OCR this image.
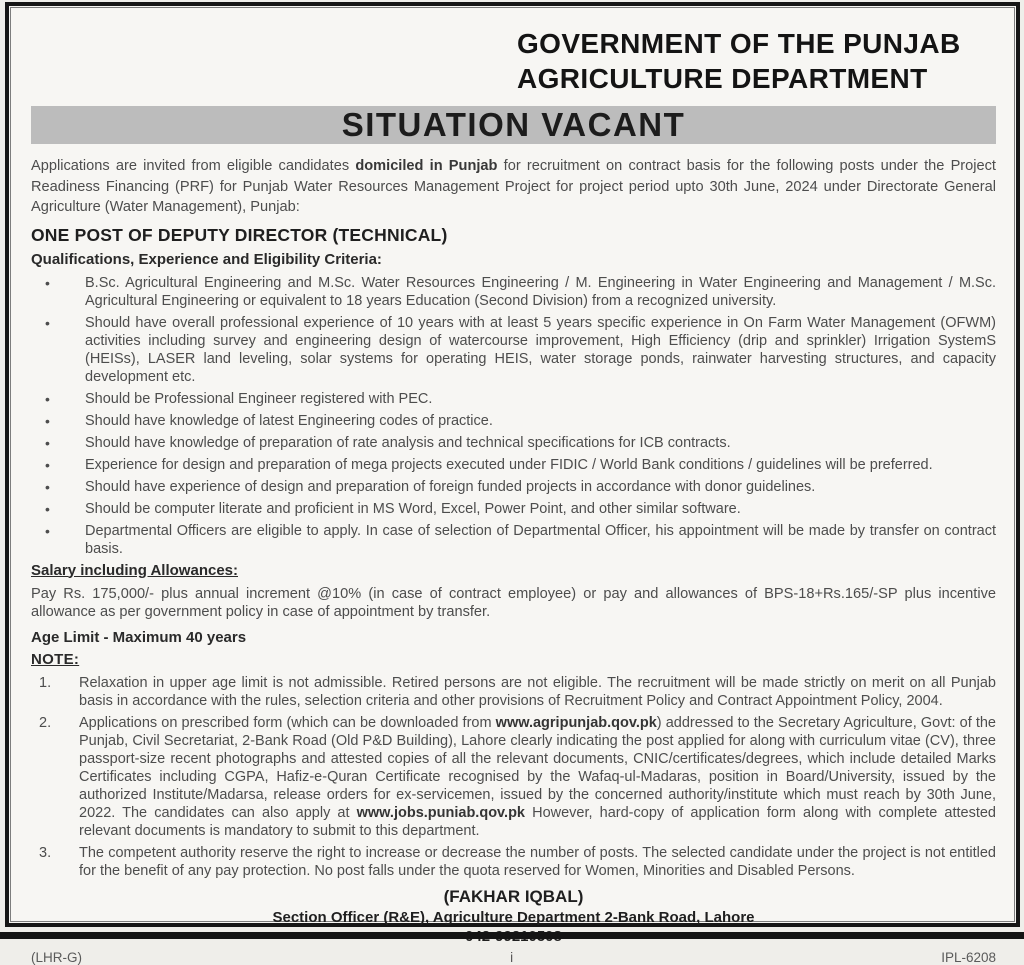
GOVERNMENT OF THE PUNJAB
AGRICULTURE DEPARTMENT
SITUATION VACANT

Applications are invited from eligible candidates domiciled in Punjab for recruitment on contract basis for the following posts under the Project Readiness Financing (PRF) for Punjab Water Resources Management Project for project period upto 30th June, 2024 under Directorate General Agriculture (Water Management), Punjab:

ONE POST OF DEPUTY DIRECTOR (TECHNICAL)
Qualifications, Experience and Eligibility Criteria:
•	B.Sc. Agricultural Engineering and M.Sc. Water Resources Engineering / M. Engineering in Water Engineering and Management / M.Sc. Agricultural Engineering or equivalent to 18 years Education (Second Division) from a recognized university.
•	Should have overall professional experience of 10 years with at least 5 years specific experience in On Farm Water Management (OFWM) activities including survey and engineering design of watercourse improvement, High Efficiency (drip and sprinkler) Irrigation SystemS (HEISs), LASER land leveling, solar systems for operating HEIS, water storage ponds, rainwater harvesting structures, and capacity development etc.
•	Should be Professional Engineer registered with PEC.
•	Should have knowledge of latest Engineering codes of practice.
•	Should have knowledge of preparation of rate analysis and technical specifications for ICB contracts.
•	Experience for design and preparation of mega projects executed under FIDIC / World Bank conditions / guidelines will be preferred.
•	Should have experience of design and preparation of foreign funded projects in accordance with donor guidelines.
•	Should be computer literate and proficient in MS Word, Excel, Power Point, and other similar software.
•	Departmental Officers are eligible to apply. In case of selection of Departmental Officer, his appointment will be made by transfer on contract basis.
Salary including Allowances:

Pay Rs. 175,000/- plus annual increment @10% (in case of contract employee) or pay and allowances of BPS-18+Rs.165/-SP plus incentive allowance as per government policy in case of appointment by transfer.

Age Limit - Maximum 40 years
NOTE:
1.	Relaxation in upper age limit is not admissible. Retired persons are not eligible. The recruitment will be made strictly on merit on all Punjab basis in accordance with the rules, selection criteria and other provisions of Recruitment Policy and Contract Appointment Policy, 2004.
2.	Applications on prescribed form (which can be downloaded from www.agripunjab.qov.pk) addressed to the Secretary Agriculture, Govt: of the Punjab, Civil Secretariat, 2-Bank Road (Old P&D Building), Lahore clearly indicating the post applied for along with curriculum vitae (CV), three passport-size recent photographs and attested copies of all the relevant documents, CNIC/certificates/degrees, which include detailed Marks Certificates including CGPA, Hafiz-e-Quran Certificate recognised by the Wafaq-ul-Madaras, position in Board/University, issued by the authorized Institute/Madarsa, release orders for ex-servicemen, issued by the concerned authority/institute which must reach by 30th June, 2022. The candidates can also apply at www.jobs.puniab.qov.pk However, hard-copy of application form along with complete attested relevant documents is mandatory to submit to this department.
3.	The competent authority reserve the right to increase or decrease the number of posts. The selected candidate under the project is not entitled for the benefit of any pay protection. No post falls under the quota reserved for Women, Minorities and Disabled Persons.
(FAKHAR IQBAL)
Section Officer (R&E), Agriculture Department 2-Bank Road, Lahore
(LHR-G)	i	IPL-6208
